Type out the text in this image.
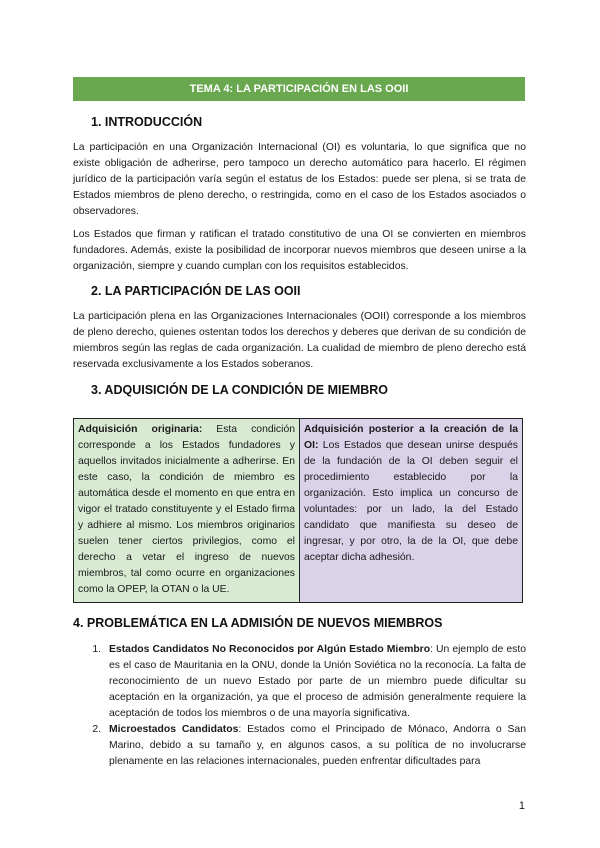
TEMA 4: LA PARTICIPACIÓN EN LAS OOII
1. INTRODUCCIÓN

La participación en una Organización Internacional (OI) es voluntaria, lo que significa que no existe obligación de adherirse, pero tampoco un derecho automático para hacerlo. El régimen jurídico de la participación varía según el estatus de los Estados: puede ser plena, si se trata de Estados miembros de pleno derecho, o restringida, como en el caso de los Estados asociados o observadores.

Los Estados que firman y ratifican el tratado constitutivo de una OI se convierten en miembros fundadores. Además, existe la posibilidad de incorporar nuevos miembros que deseen unirse a la organización, siempre y cuando cumplan con los requisitos establecidos.

2. LA PARTICIPACIÓN DE LAS OOII

La participación plena en las Organizaciones Internacionales (OOII) corresponde a los miembros de pleno derecho, quienes ostentan todos los derechos y deberes que derivan de su condición de miembros según las reglas de cada organización. La cualidad de miembro de pleno derecho está reservada exclusivamente a los Estados soberanos.

3. ADQUISICIÓN DE LA CONDICIÓN DE MIEMBRO
Adquisición originaria: Esta condición corresponde a los Estados fundadores y aquellos invitados inicialmente a adherirse. En este caso, la condición de miembro es automática desde el momento en que entra en vigor el tratado constituyente y el Estado firma y adhiere al mismo. Los miembros originarios suelen tener ciertos privilegios, como el derecho a vetar el ingreso de nuevos miembros, tal como ocurre en organizaciones como la OPEP, la OTAN o la UE.
Adquisición posterior a la creación de la OI: Los Estados que desean unirse después de la fundación de la OI deben seguir el procedimiento establecido por la organización. Esto implica un concurso de voluntades: por un lado, la del Estado candidato que manifiesta su deseo de ingresar, y por otro, la de la OI, que debe aceptar dicha adhesión.
4. PROBLEMÁTICA EN LA ADMISIÓN DE NUEVOS MIEMBROS
1. Estados Candidatos No Reconocidos por Algún Estado Miembro: Un ejemplo de esto es el caso de Mauritania en la ONU, donde la Unión Soviética no la reconocía. La falta de reconocimiento de un nuevo Estado por parte de un miembro puede dificultar su aceptación en la organización, ya que el proceso de admisión generalmente requiere la aceptación de todos los miembros o de una mayoría significativa.
2. Microestados Candidatos: Estados como el Principado de Mónaco, Andorra o San Marino, debido a su tamaño y, en algunos casos, a su política de no involucrarse plenamente en las relaciones internacionales, pueden enfrentar dificultades para
1
